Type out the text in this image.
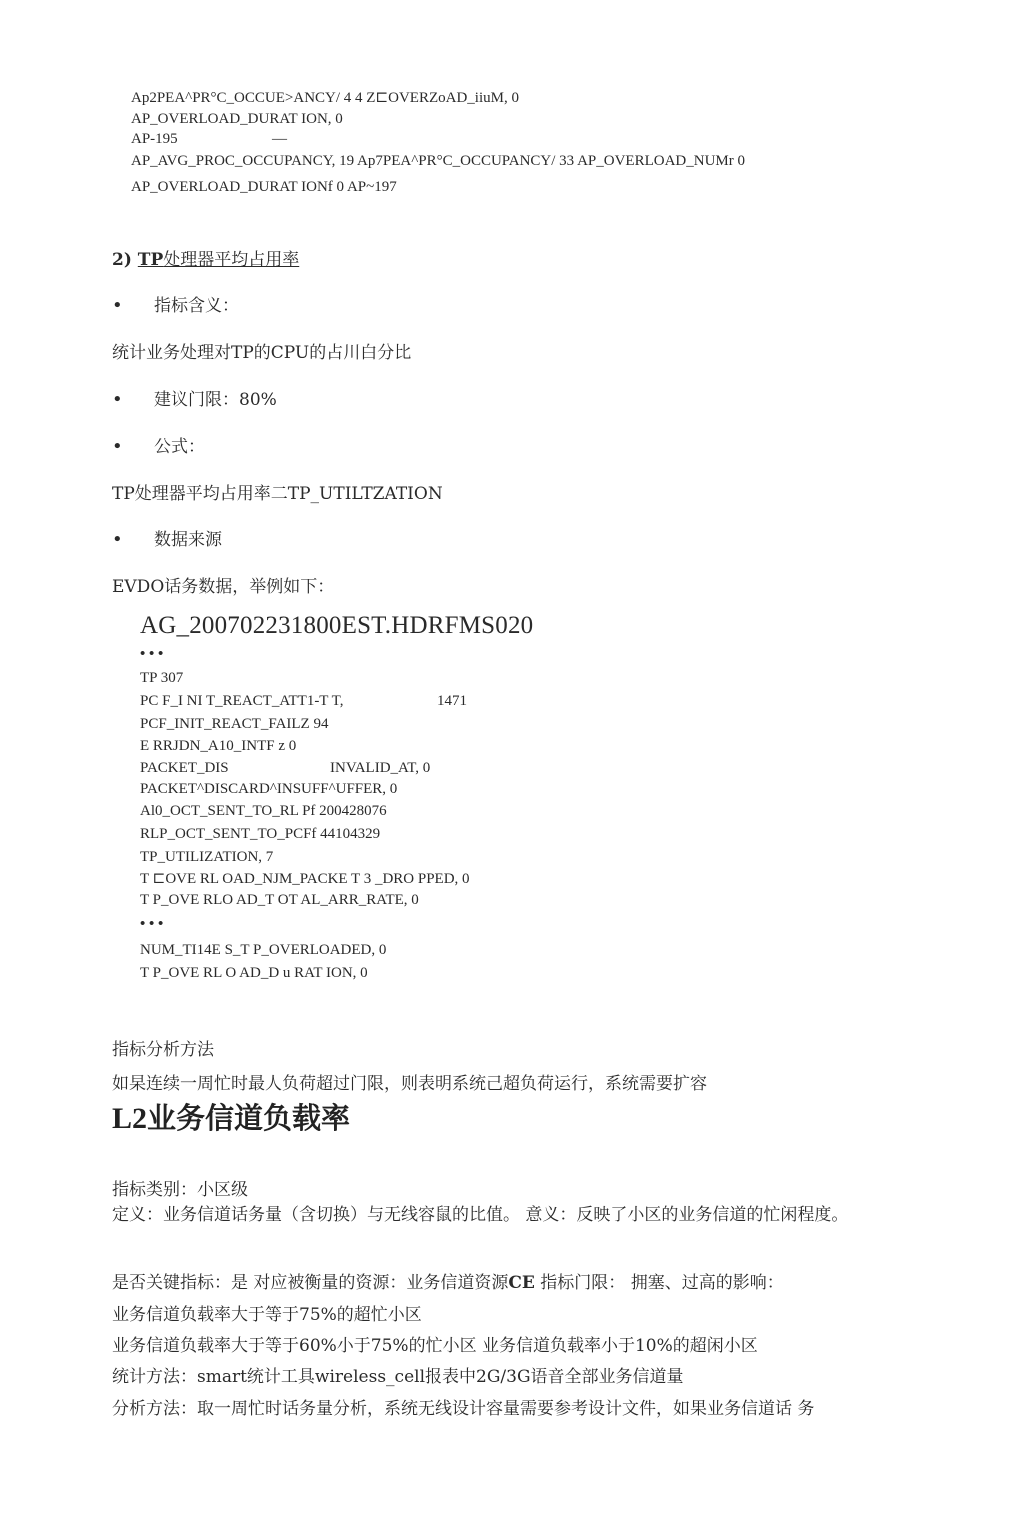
Ap2PEA^PR°C_OCCUE>ANCY/ 4 4 Z⊏OVERZoAD_iiuM, 0
AP_OVERLOAD_DURAT ION, 0
AP-195	—
AP_AVG_PROC_OCCUPANCY, 19 Ap7PEA^PR°C_OCCUPANCY/ 33 AP_OVERLOAD_NUMr 0
AP_OVERLOAD_DURAT IONf 0 AP~197
2) TP处理器平均占用率
• 指标含义：
统计业务处理对TP的CPU的占川白分比
• 建议门限：80%
• 公式：
TP处理器平均占用率二TP_UTILTZATION
• 数据来源
EVDO话务数据，举例如下：
AG_200702231800EST.HDRFMS020
• • •
TP 307
PC F_I NI T_REACT_ATT1-T T,	1471
PCF_INIT_REACT_FAILZ 94
E RRJDN_A10_INTF z 0
PACKET_DIS	INVALID_AT, 0
PACKET^DISCARD^INSUFF^UFFER, 0
Al0_OCT_SENT_TO_RL Pf 200428076
RLP_OCT_SENT_TO_PCFf 44104329
TP_UTILIZATION, 7
T ⊏OVE RL OAD_NJM_PACKE T 3 _DRO PPED, 0
T P_OVE RLO AD_T OT AL_ARR_RATE, 0
• • •
NUM_TI14E S_T P_OVERLOADED, 0
T P_OVE RL O AD_D u RAT ION, 0
指标分析方法
如杲连续一周忙时最人负荷超过门限，则表明系统己超负荷运行，系统需要扩容
L2业务信道负载率
指标类别：小区级
定义：业务信道话务量（含切换）与无线容鼠的比值。 意义：反映了小区的业务信道的忙闲程度。
是否关键指标：是 对应被衡量的资源：业务信道资源CE 指标门限： 拥塞、过高的影响：
业务信道负载率大于等于75%的超忙小区
业务信道负载率大于等于60%小于75%的忙小区 业务信道负载率小于10%的超闲小区
统计方法：smart统计工具wireless_cell报表中2G/3G语音全部业务信道量
分析方法：取一周忙时话务量分析，系统无线设计容量需要参考设计文件，如果业务信道话 务
